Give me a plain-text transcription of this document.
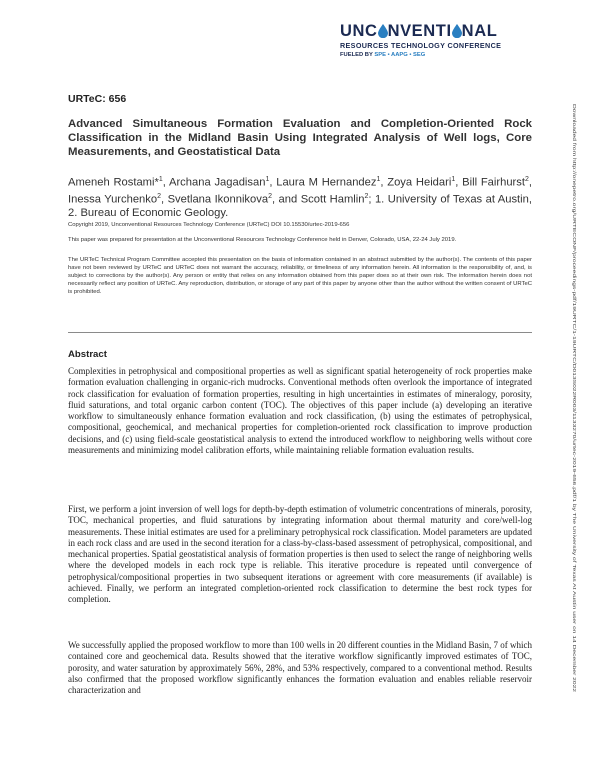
UNC NVENTI NAL
RESOURCES TECHNOLOGY CONFERENCE
FUELED BY SPE • AAPG • SEG
URTeC: 656
Advanced Simultaneous Formation Evaluation and Completion-Oriented Rock Classification in the Midland Basin Using Integrated Analysis of Well logs, Core Measurements, and Geostatistical Data
Ameneh Rostami*$^1$, Archana Jagadisan$^1$, Laura M Hernandez$^1$, Zoya Heidari$^1$, Bill Fairhurst$^2$, Inessa Yurchenko$^2$, Svetlana Ikonnikova$^2$, and Scott Hamlin$^2$; 1. University of Texas at Austin, 2. Bureau of Economic Geology.
Copyright 2019, Unconventional Resources Technology Conference (URTeC) DOI 10.15530/urtec-2019-656
This paper was prepared for presentation at the Unconventional Resources Technology Conference held in Denver, Colorado, USA, 22-24 July 2019.
The URTeC Technical Program Committee accepted this presentation on the basis of information contained in an abstract submitted by the author(s). The contents of this paper have not been reviewed by URTeC and URTeC does not warrant the accuracy, reliability, or timeliness of any information herein. All information is the responsibility of, and, is subject to corrections by the author(s). Any person or entity that relies on any information obtained from this paper does so at their own risk. The information herein does not necessarily reflect any position of URTeC. Any reproduction, distribution, or storage of any part of this paper by anyone other than the author without the written consent of URTeC is prohibited.
Abstract
Complexities in petrophysical and compositional properties as well as significant spatial heterogeneity of rock properties make formation evaluation challenging in organic-rich mudrocks. Conventional methods often overlook the importance of integrated rock classification for evaluation of formation properties, resulting in high uncertainties in estimates of mineralogy, porosity, fluid saturations, and total organic carbon content (TOC). The objectives of this paper include (a) developing an iterative workflow to simultaneously enhance formation evaluation and rock classification, (b) using the estimates of petrophysical, compositional, geochemical, and mechanical properties for completion-oriented rock classification to improve production decisions, and (c) using field-scale geostatistical analysis to extend the introduced workflow to neighboring wells without core measurements and minimizing model calibration efforts, while maintaining reliable formation evaluation results.
First, we perform a joint inversion of well logs for depth-by-depth estimation of volumetric concentrations of minerals, porosity, TOC, mechanical properties, and fluid saturations by integrating information about thermal maturity and core/well-log measurements. These initial estimates are used for a preliminary petrophysical rock classification. Model parameters are updated in each rock class and are used in the second iteration for a class-by-class-based assessment of petrophysical, compositional, and mechanical properties. Spatial geostatistical analysis of formation properties is then used to select the range of neighboring wells where the developed models in each rock type is reliable. This iterative procedure is repeated until convergence of petrophysical/compositional properties in two subsequent iterations or agreement with core measurements (if available) is achieved. Finally, we perform an integrated completion-oriented rock classification to determine the best rock types for completion.
We successfully applied the proposed workflow to more than 100 wells in 20 different counties in the Midland Basin, 7 of which contained core and geochemical data. Results showed that the iterative workflow significantly improved estimates of TOC, porosity, and water saturation by approximately 56%, 28%, and 53% respectively, compared to a conventional method. Results also confirmed that the proposed workflow significantly enhances the formation evaluation and enables reliable reservoir characterization and
Downloaded from http://onepetro.org/URTECONF/proceedings-pdf/19URTC/1-19URTC/D013S022R003/1133270/urtec-2019-656.pdf/1 by The University of Texas At Austin user on 14 December 2022
